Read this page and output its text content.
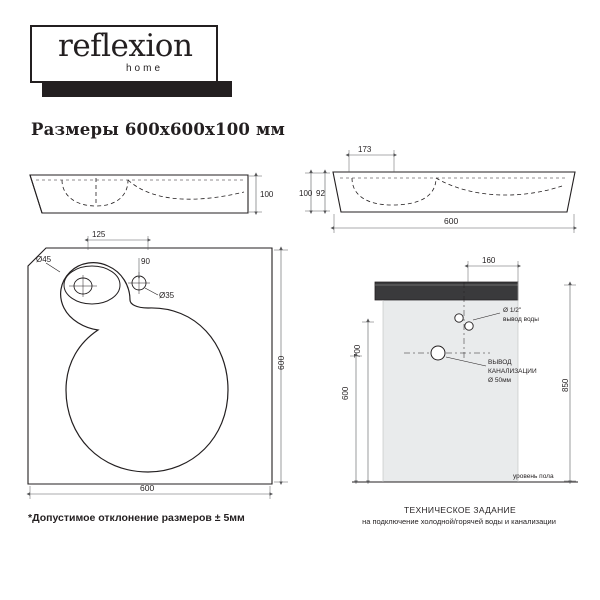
reflexion
home
Размеры 600x600x100 мм
*Допустимое отклонение размеров ± 5мм
ТЕХНИЧЕСКОЕ ЗАДАНИЕ
на подключение холодной/горячей воды и канализации
100
173
92
100
600
Ø45
125
90
Ø35
600
600
160
Ø 1/2"
вывод воды
ВЫВОД
КАНАЛИЗАЦИИ
Ø 50мм
700
600
850
уровень пола
